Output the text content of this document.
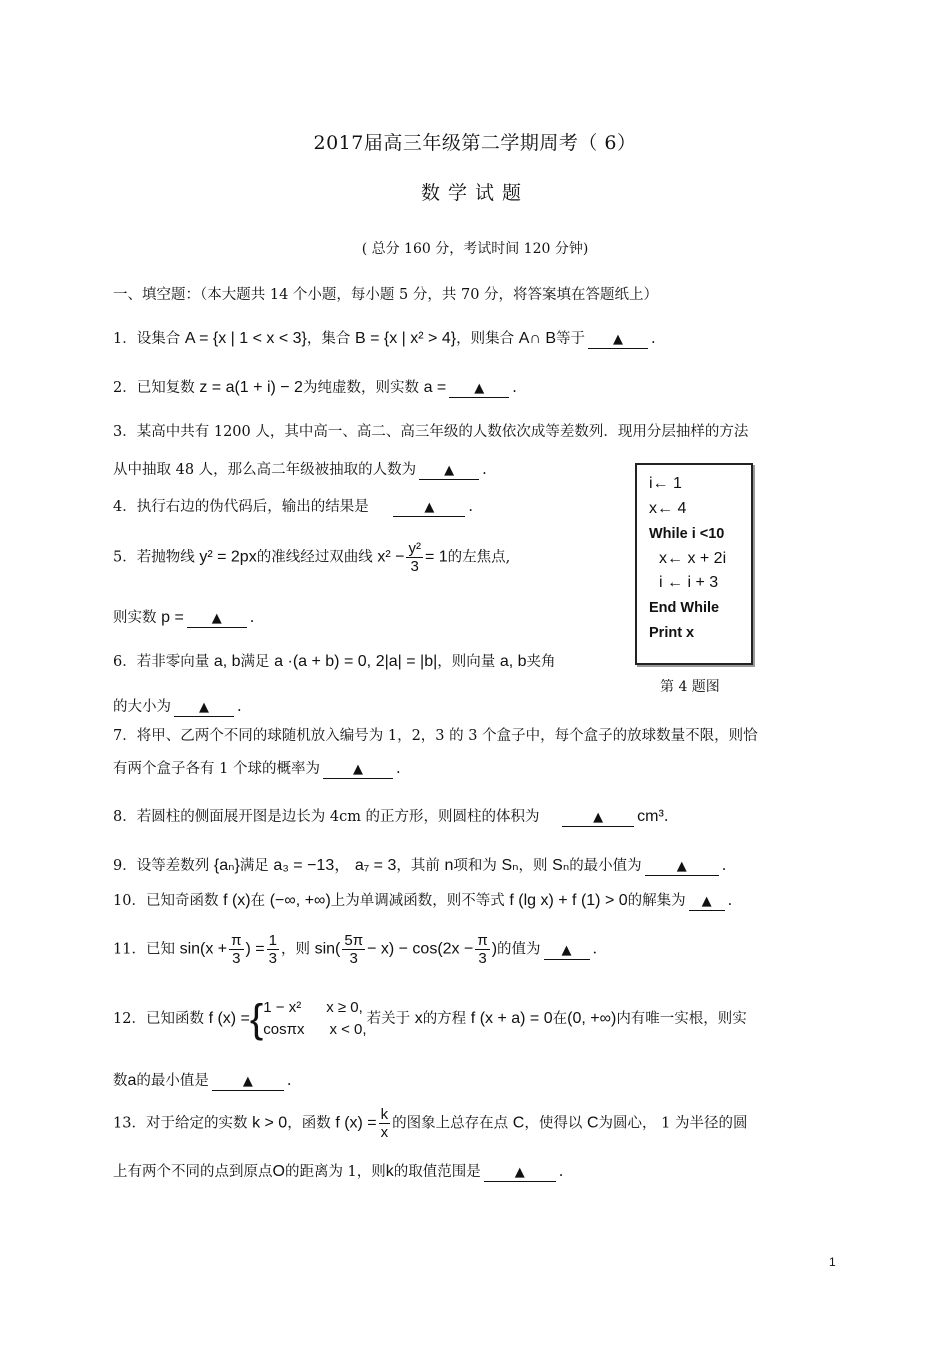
2017届高三年级第二学期周考（ 6）
数学试题
( 总分 160 分，考试时间 120 分钟)
一、填空题：（本大题共 14 个小题，每小题 5 分，共 70 分，将答案填在答题纸上）
1．设集合 A = {x | 1 < x < 3}，集合 B = {x | x² > 4}，则集合 A∩ B等于 ▲ .
2．已知复数 z = a(1 + i) − 2为纯虚数，则实数 a = ▲ .
3．某高中共有 1200 人，其中高一、高二、高三年级的人数依次成等差数列．现用分层抽样的方法
从中抽取 48 人，那么高二年级被抽取的人数为 ▲ .
4．执行右边的伪代码后，输出的结果是	▲ .
5．若抛物线 y² = 2px的准线经过双曲线 $x^2 - \frac{\text{y²}}{3} = 1$的左焦点,
则实数 p = ▲ .
6．若非零向量 a, b满足 a ·(a + b) = 0, 2|a| = |b|，则向量 a, b夹角
的大小为 ▲ .
7．将甲、乙两个不同的球随机放入编号为 1，2，3 的 3 个盒子中，每个盒子的放球数量不限，则恰
有两个盒子各有 1 个球的概率为	▲ .
8．若圆柱的侧面展开图是边长为 4cm 的正方形，则圆柱的体积为	▲ cm³.
9．设等差数列 {aₙ}满足 a₃ = −13， a₇ = 3，其前 n项和为 Sₙ，则 Sₙ的最小值为	▲ .
10．已知奇函数 f (x)在 (−∞, +∞)上为单调减函数，则不等式 f (lg x) + f (1) > 0的解集为 ▲ .
11．已知 $\sin(x + \frac{\pi}{3}$ ) = $\frac{1}{3}$ ，则 $\sin( \frac{5\pi}{3} - x) - \cos(2x - \frac{\pi}{3}$ )的值为 ▲ .
12．已知函数 f (x) ={ 1 − x²      x ≥ 0,
cosπx      x < 0,
若关于 x的方程 f (x + a) = 0在(0, +∞)内有唯一实根，则实
数a的最小值是	▲ .
13．对于给定的实数 k > 0，函数 f $(x) = \frac{k}{x}$ 的图象上总存在点 C，使得以 C为圆心， 1 为半径的圆
上有两个不同的点到原点O的距离为 1，则k的取值范围是	▲ .
i← 1
x← 4
While i <10
x← x + 2i
i ← i + 3
End While
Print x
第 4 题图
1
